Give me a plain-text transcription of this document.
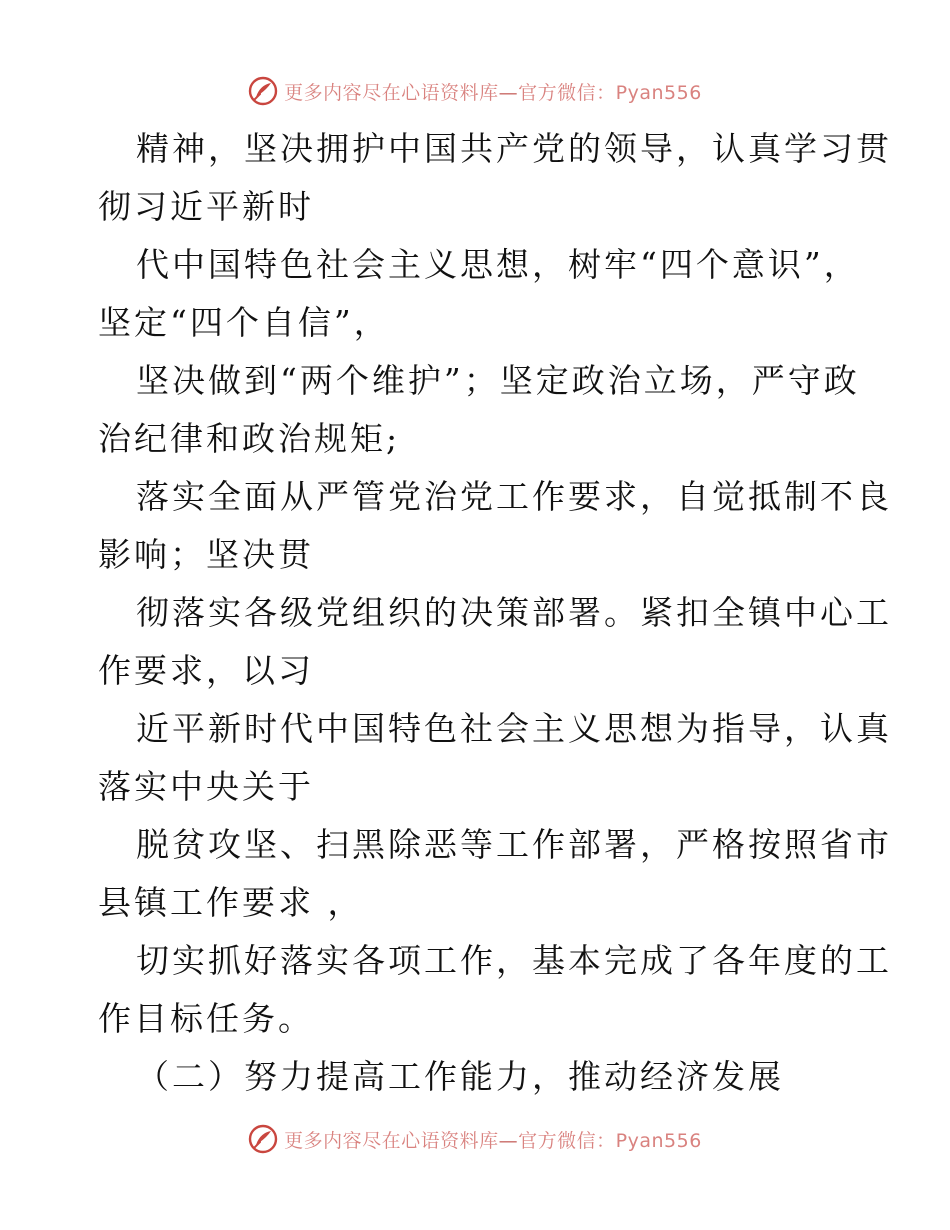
更多内容尽在心语资料库—官方微信：Pyan556

精神，坚决拥护中国共产党的领导，认真学习贯

彻习近平新时

代中国特色社会主义思想，树牢“四个意识”，

坚定“四个自信”，

坚决做到“两个维护”；坚定政治立场，严守政

治纪律和政治规矩;

落实全面从严管党治党工作要求，自觉抵制不良

影响；坚决贯

彻落实各级党组织的决策部署。紧扣全镇中心工

作要求，以习

近平新时代中国特色社会主义思想为指导，认真

落实中央关于

脱贫攻坚、扫黑除恶等工作部署，严格按照省市

县镇工作要求 ，

切实抓好落实各项工作，基本完成了各年度的工

作目标任务。

（二）努力提高工作能力，推动经济发展

更多内容尽在心语资料库—官方微信：Pyan556
